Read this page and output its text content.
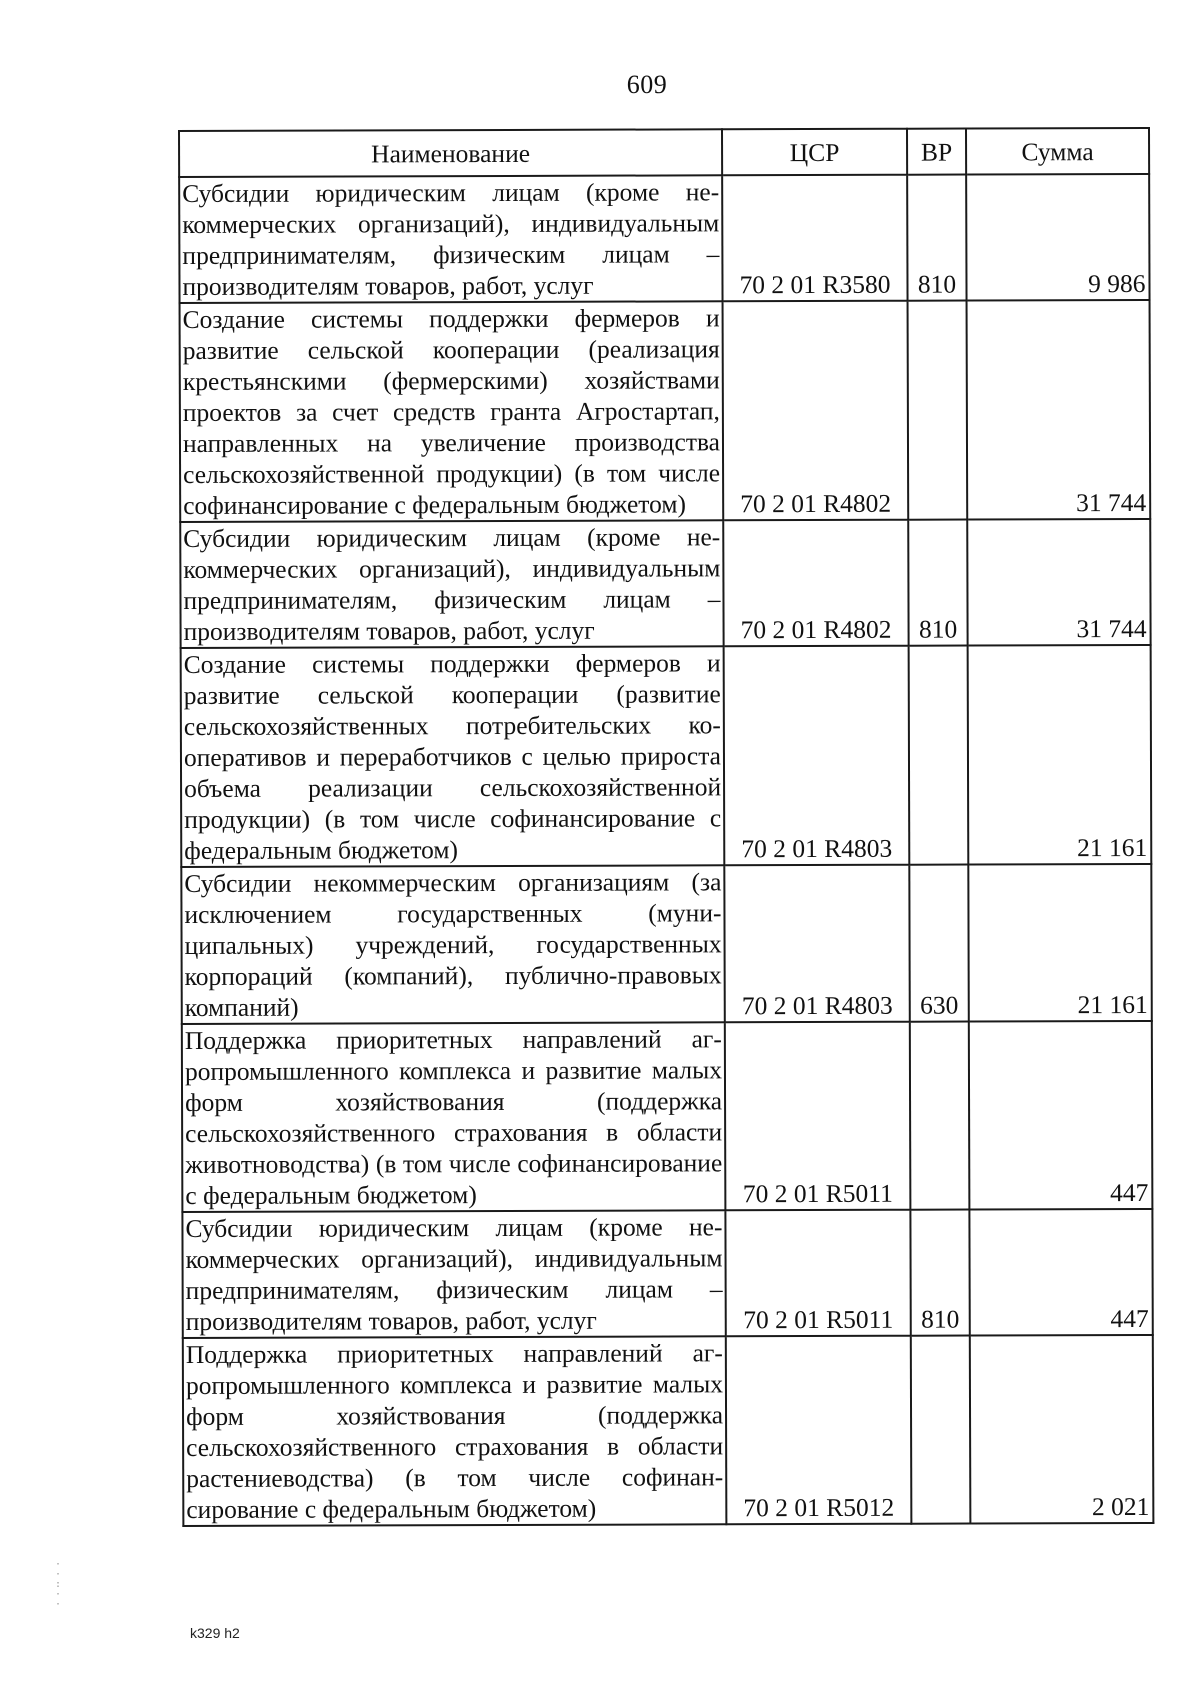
609
Наименование	ЦСР	ВР	Сумма
Субсидии юридическим лицам (кроме некоммерческих организаций), индивидуальным предпринимателям, физическим лицам – производителям товаров, работ, услуг	70 2 01 R3580	810	9 986
Создание системы поддержки фермеров и развитие сельской кооперации (реализация крестьянскими (фермерскими) хозяйствами проектов за счет средств гранта Агростартап, направленных на увеличение производства сельскохозяйственной продукции) (в том числе софинансирование с федеральным бюджетом)	70 2 01 R4802		31 744
Субсидии юридическим лицам (кроме некоммерческих организаций), индивидуальным предпринимателям, физическим лицам – производителям товаров, работ, услуг	70 2 01 R4802	810	31 744
Создание системы поддержки фермеров и развитие сельской кооперации (развитие сельскохозяйственных потребительских кооперативов и переработчиков с целью прироста объема реализации сельскохозяйственной продукции) (в том числе софинансирование с федеральным бюджетом)	70 2 01 R4803		21 161
Субсидии некоммерческим организациям (за исключением государственных (муниципальных) учреждений, государственных корпораций (компаний), публично-правовых компаний)	70 2 01 R4803	630	21 161
Поддержка приоритетных направлений агропромышленного комплекса и развитие малых форм хозяйствования (поддержка сельскохозяйственного страхования в области животноводства) (в том числе софинансирование с федеральным бюджетом)	70 2 01 R5011		447
Субсидии юридическим лицам (кроме некоммерческих организаций), индивидуальным предпринимателям, физическим лицам – производителям товаров, работ, услуг	70 2 01 R5011	810	447
Поддержка приоритетных направлений агропромышленного комплекса и развитие малых форм хозяйствования (поддержка сельскохозяйственного страхования в области растениеводства) (в том числе софинансирование с федеральным бюджетом)	70 2 01 R5012		2 021
k329 h2
·
·
:
·
·
